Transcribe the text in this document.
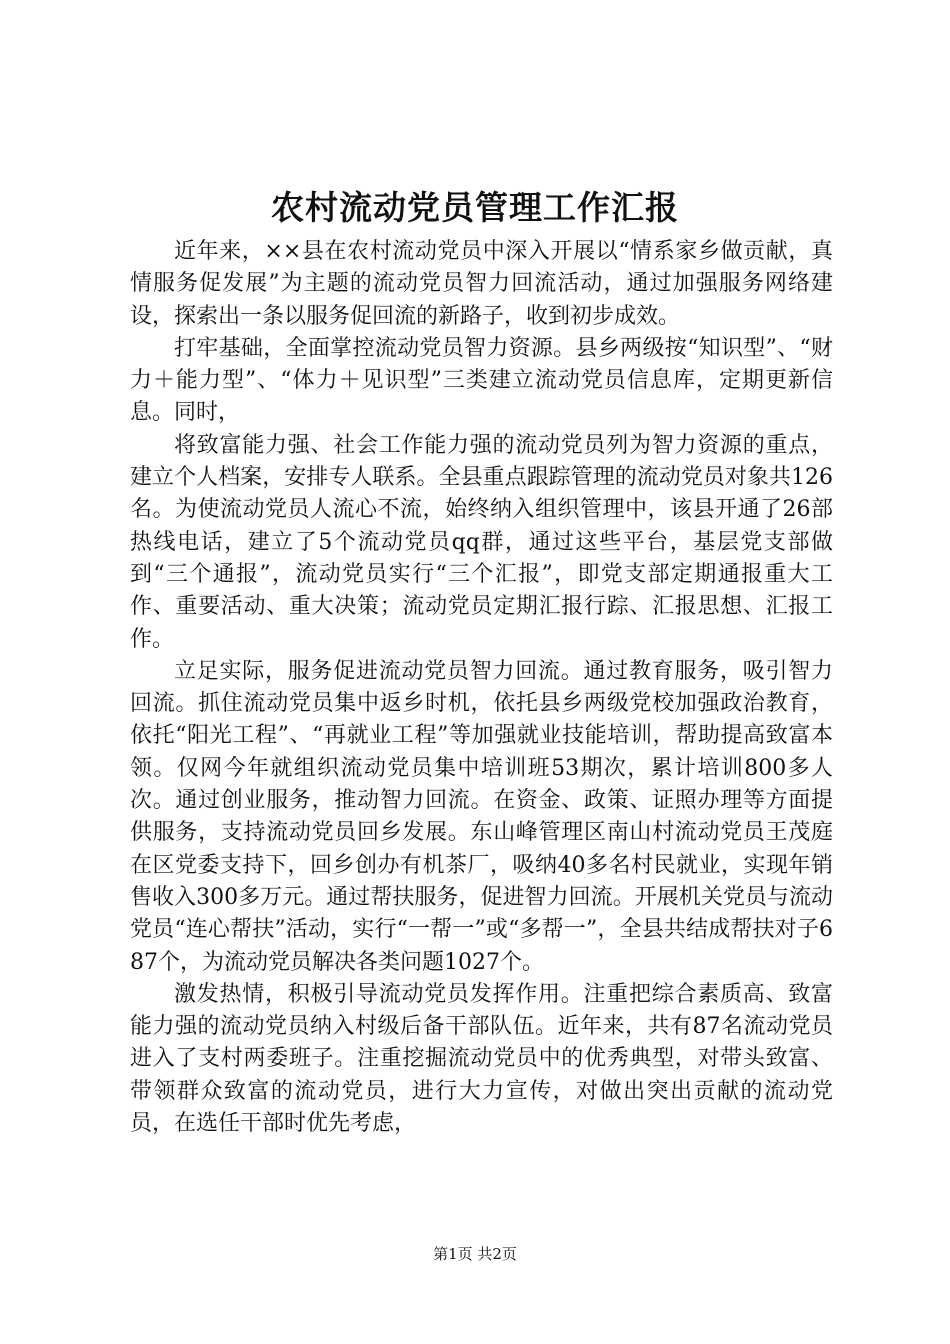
农村流动党员管理工作汇报

近年来，××县在农村流动党员中深入开展以“情系家乡做贡献，真情服务促发展”为主题的流动党员智力回流活动，通过加强服务网络建设，探索出一条以服务促回流的新路子，收到初步成效。

打牢基础，全面掌控流动党员智力资源。县乡两级按“知识型”、“财力＋能力型”、“体力＋见识型”三类建立流动党员信息库，定期更新信息。同时，

将致富能力强、社会工作能力强的流动党员列为智力资源的重点，建立个人档案，安排专人联系。全县重点跟踪管理的流动党员对象共126名。为使流动党员人流心不流，始终纳入组织管理中，该县开通了26部热线电话，建立了5个流动党员qq群，通过这些平台，基层党支部做到“三个通报”，流动党员实行“三个汇报”，即党支部定期通报重大工作、重要活动、重大决策；流动党员定期汇报行踪、汇报思想、汇报工作。

立足实际，服务促进流动党员智力回流。通过教育服务，吸引智力回流。抓住流动党员集中返乡时机，依托县乡两级党校加强政治教育，依托“阳光工程”、“再就业工程”等加强就业技能培训，帮助提高致富本领。仅网今年就组织流动党员集中培训班53期次，累计培训800多人次。通过创业服务，推动智力回流。在资金、政策、证照办理等方面提供服务，支持流动党员回乡发展。东山峰管理区南山村流动党员王茂庭在区党委支持下，回乡创办有机茶厂，吸纳40多名村民就业，实现年销售收入300多万元。通过帮扶服务，促进智力回流。开展机关党员与流动党员“连心帮扶”活动，实行“一帮一”或“多帮一”，全县共结成帮扶对子687个，为流动党员解决各类问题1027个。

激发热情，积极引导流动党员发挥作用。注重把综合素质高、致富能力强的流动党员纳入村级后备干部队伍。近年来，共有87名流动党员进入了支村两委班子。注重挖掘流动党员中的优秀典型，对带头致富、带领群众致富的流动党员，进行大力宣传，对做出突出贡献的流动党员，在选任干部时优先考虑，

第1页 共2页
